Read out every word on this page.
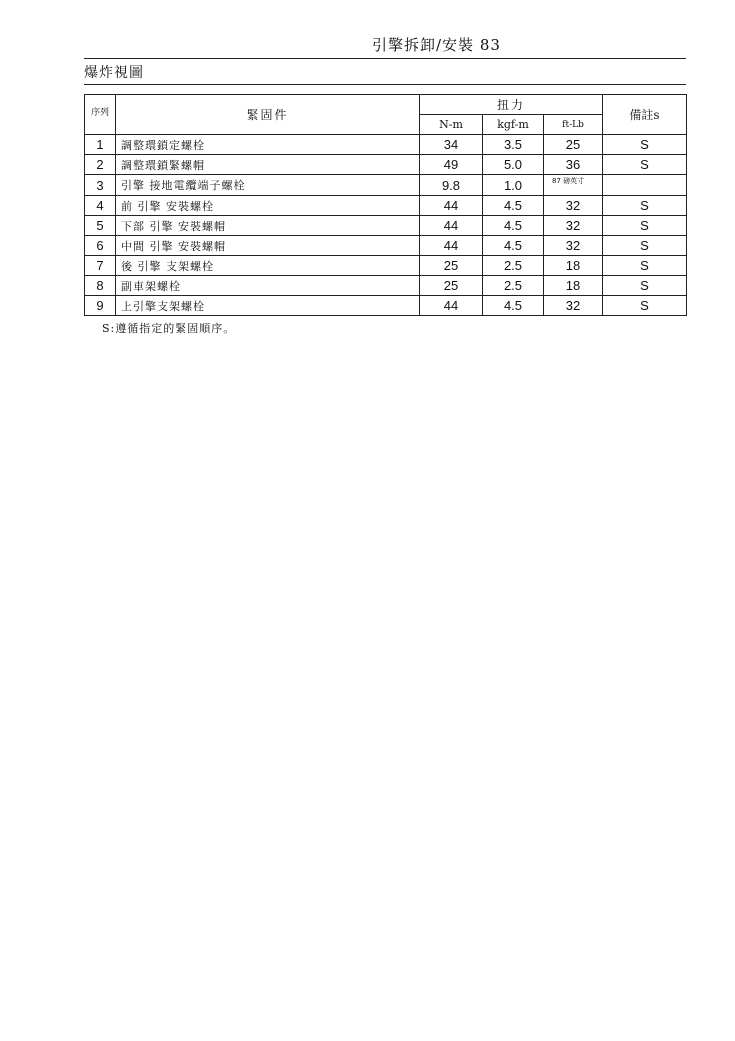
引擎拆卸/安裝 8͏3
爆炸視圖
序列	緊固件	扭力			備註s
		N-m	kgf-m	ft-Lb	
1	調整環鎖定螺栓	34	3.5	25	S
2	調整環鎖緊螺帽	49	5.0	36	S
3	引擎 接地電纜端子螺栓	9.8	1.0	87 磅英寸	
4	前 引擎 安裝螺栓	44	4.5	32	S
5	下部 引擎 安裝螺帽	44	4.5	32	S
6	中間 引擎 安裝螺帽	44	4.5	32	S
7	後 引擎 支架螺栓	25	2.5	18	S
8	副車架螺栓	25	2.5	18	S
9	上引擎支架螺栓	44	4.5	32	S
S:遵循指定的緊固順序。
